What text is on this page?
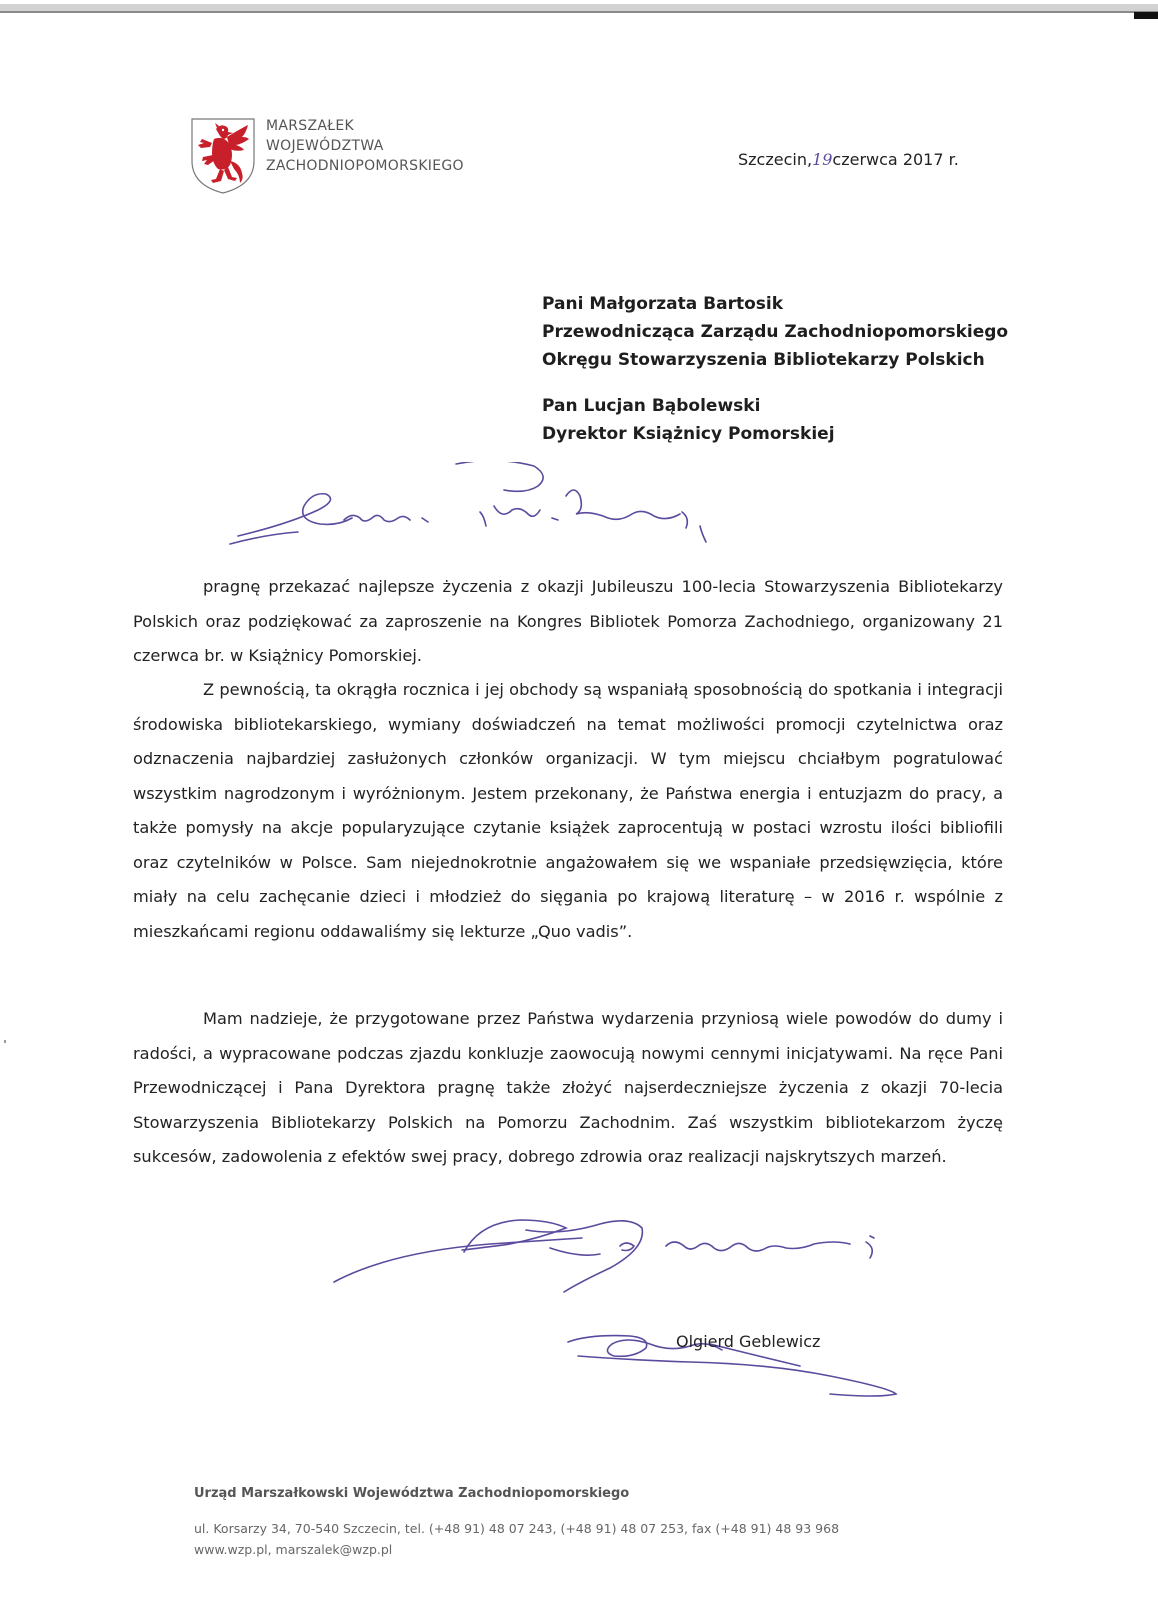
MARSZAŁEK
WOJEWÓDZTWA
ZACHODNIOPOMORSKIEGO	Szczecin,19czerwca 2017 r.
Pani Małgorzata Bartosik
Przewodnicząca Zarządu Zachodniopomorskiego
Okręgu Stowarzyszenia Bibliotekarzy Polskich
Pan Lucjan Bąbolewski
Dyrektor Książnicy Pomorskiej

pragnę przekazać najlepsze życzenia z okazji Jubileuszu 100-lecia Stowarzyszenia Bibliotekarzy Polskich oraz podziękować za zaproszenie na Kongres Bibliotek Pomorza Zachodniego, organizowany 21 czerwca br. w Książnicy Pomorskiej.

Z pewnością, ta okrągła rocznica i jej obchody są wspaniałą sposobnością do spotkania i integracji środowiska bibliotekarskiego, wymiany doświadczeń na temat możliwości promocji czytelnictwa oraz odznaczenia najbardziej zasłużonych członków organizacji. W tym miejscu chciałbym pogratulować wszystkim nagrodzonym i wyróżnionym. Jestem przekonany, że Państwa energia i entuzjazm do pracy, a także pomysły na akcje popularyzujące czytanie książek zaprocentują w postaci wzrostu ilości bibliofili oraz czytelników w Polsce. Sam niejednokrotnie angażowałem się we wspaniałe przedsięwzięcia, które miały na celu zachęcanie dzieci i młodzież do sięgania po krajową literaturę – w 2016 r. wspólnie z mieszkańcami regionu oddawaliśmy się lekturze „Quo vadis”.

Mam nadzieje, że przygotowane przez Państwa wydarzenia przyniosą wiele powodów do dumy i radości, a wypracowane podczas zjazdu konkluzje zaowocują nowymi cennymi inicjatywami. Na ręce Pani Przewodniczącej i Pana Dyrektora pragnę także złożyć najserdeczniejsze życzenia z okazji 70-lecia Stowarzyszenia Bibliotekarzy Polskich na Pomorzu Zachodnim. Zaś wszystkim bibliotekarzom życzę sukcesów, zadowolenia z efektów swej pracy, dobrego zdrowia oraz realizacji najskrytszych marzeń.

Olgierd Geblewicz
Urząd Marszałkowski Województwa Zachodniopomorskiego
ul. Korsarzy 34, 70-540 Szczecin, tel. (+48 91) 48 07 243, (+48 91) 48 07 253, fax (+48 91) 48 93 968
www.wzp.pl, marszalek@wzp.pl
